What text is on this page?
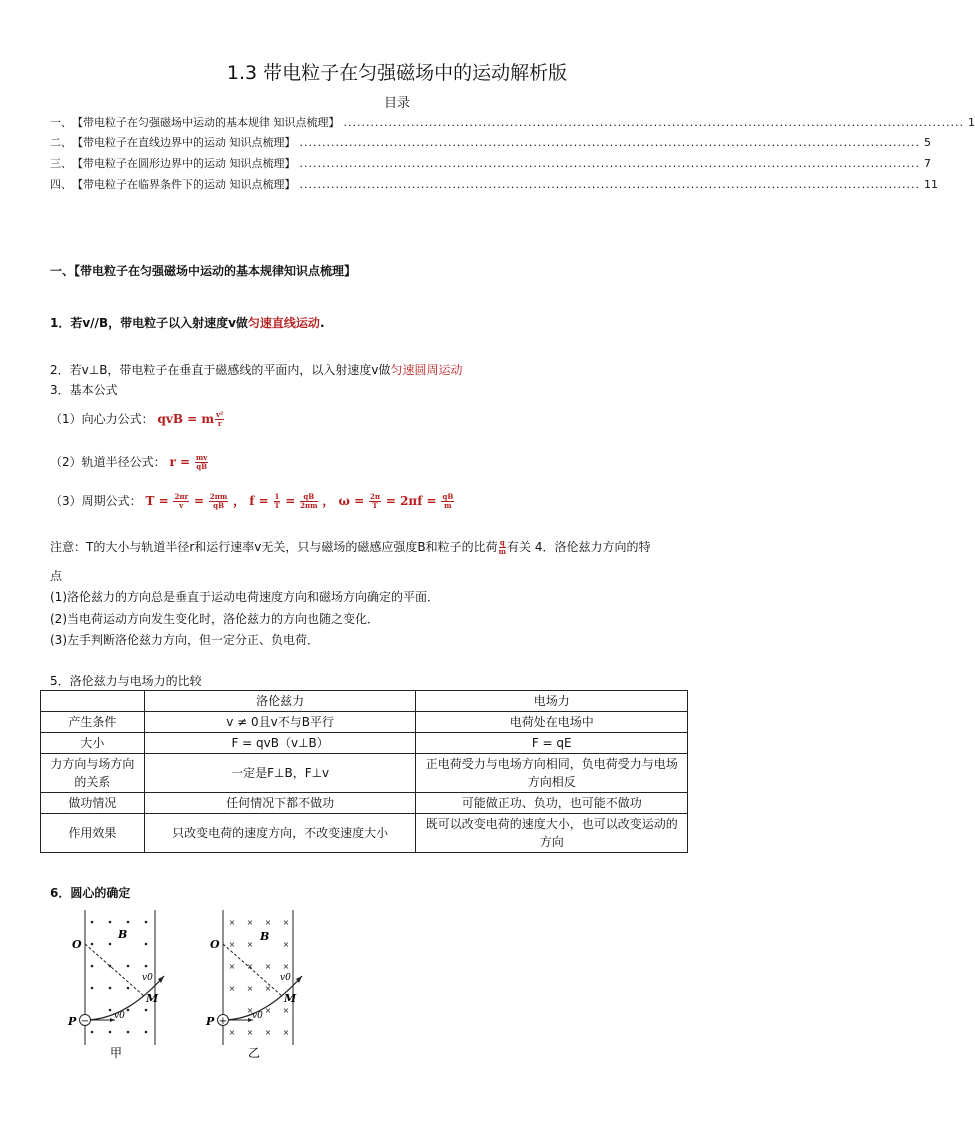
1.3 带电粒子在匀强磁场中的运动解析版
目录
一、 【带电粒子在匀强磁场中运动的基本规律 知识点梳理】 .......................................................................................................................................... 1
二、 【带电粒子在直线边界中的运动 知识点梳理】 .......................................................................................................................................... 5
三、 【带电粒子在圆形边界中的运动 知识点梳理】 .......................................................................................................................................... 7
四、 【带电粒子在临界条件下的运动 知识点梳理】 .......................................................................................................................................... 11
一、【带电粒子在匀强磁场中运动的基本规律知识点梳理】
1．若v//B，带电粒子以入射速度v做匀速直线运动.
2．若v⊥B，带电粒子在垂直于磁感线的平面内，以入射速度v做匀速圆周运动
3．基本公式
（1）向心力公式： qvB = m $\frac{\text{v²}}{r}$
（2）轨道半径公式： $r = \frac{mv}{qB}$
（3）周期公式： $T = \frac{2\pi r}{v} = \frac{2\pi m}{qB}$ ， $f = \frac{1}{T} = \frac{qB}{2\pi m}$ ， $\omega = \frac{2\pi}{T} = 2\pi f = \frac{qB}{m}$
注意：T的大小与轨道半径r和运行速率v无关，只与磁场的磁感应强度B和粒子的比荷 $\frac{q}{m}$ 有关 4．洛伦兹力方向的特
点
(1)洛伦兹力的方向总是垂直于运动电荷速度方向和磁场方向确定的平面．
(2)当电荷运动方向发生变化时，洛伦兹力的方向也随之变化．
(3)左手判断洛伦兹力方向，但一定分正、负电荷．
5．洛伦兹力与电场力的比较
	洛伦兹力	电场力
产生条件	v ≠ 0且v不与B平行	电荷处在电场中
大小	F = qvB（v⊥B）	F = qE
力方向与场方向的关系	一定是F⊥B，F⊥v	正电荷受力与电场方向相同，负电荷受力与电场方向相反
做功情况	任何情况下都不做功	可能做正功、负功，也可能不做功
作用效果	只改变电荷的速度方向，不改变速度大小	既可以改变电荷的速度大小，也可以改变运动的方向
6．圆心的确定
−
O
B
P
M
v0
v0
甲
× × × ×
× ×	×
× × × ×
× × ×
× × ×
× × × ×
+
O
B
P
M
v0
v0
乙
